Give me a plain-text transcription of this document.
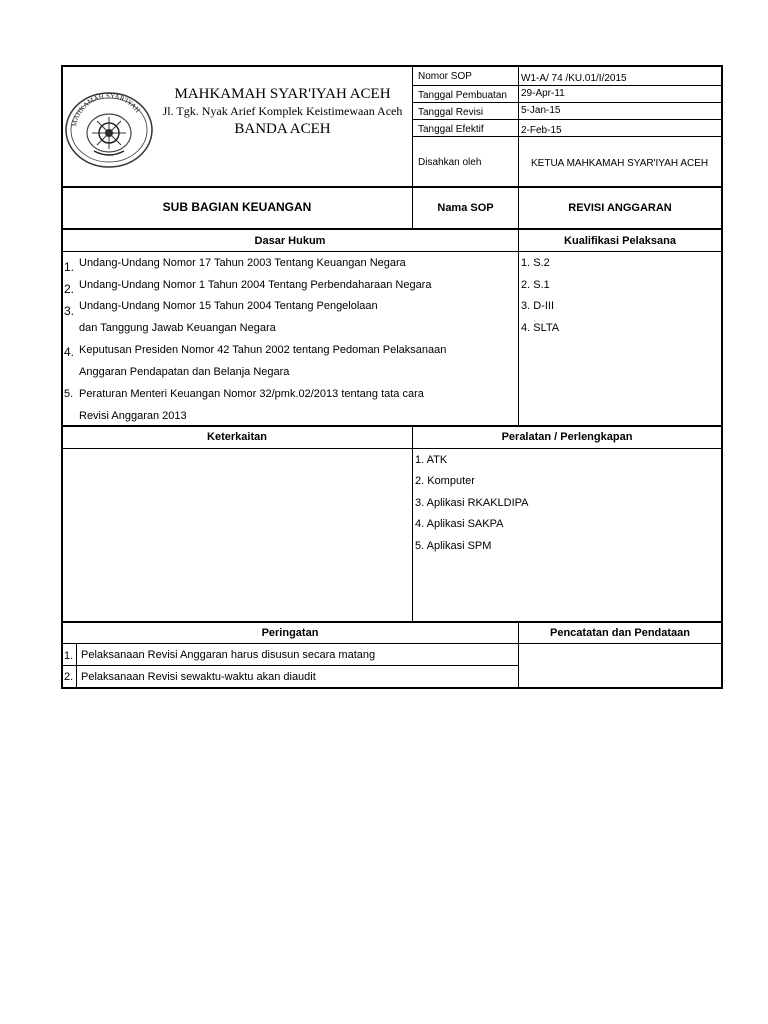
MAHKAMAH SYAR'IYAH
MAHKAMAH SYAR'IYAH ACEH
Jl. Tgk. Nyak Arief Komplek Keistimewaan Aceh
BANDA ACEH
Nomor SOP	W1-A/ 74 /KU.01/I/2015
Tanggal Pembuatan 29-Apr-11
Tanggal Revisi	5-Jan-15
Tanggal Efektif	2-Feb-15
Disahkan oleh	KETUA MAHKAMAH SYAR'IYAH ACEH
SUB BAGIAN KEUANGAN	Nama SOP	REVISI ANGGARAN
Dasar Hukum
1. Undang-Undang Nomor 17 Tahun 2003 Tentang Keuangan Negara
2. Undang-Undang Nomor 1 Tahun 2004 Tentang Perbendaharaan Negara
3. Undang-Undang Nomor 15 Tahun 2004 Tentang Pengelolaan
dan Tanggung Jawab Keuangan Negara
4. Keputusan Presiden Nomor 42 Tahun 2002 tentang Pedoman Pelaksanaan
Anggaran Pendapatan dan Belanja Negara
5. Peraturan Menteri Keuangan Nomor 32/pmk.02/2013 tentang tata cara
Revisi Anggaran 2013
Kualifikasi Pelaksana
1. S.2
2. S.1
3. D-III
4. SLTA
Keterkaitan	Peralatan / Perlengkapan
1. ATK
2. Komputer
3. Aplikasi RKAKLDIPA
4. Aplikasi SAKPA
5. Aplikasi SPM
Peringatan	Pencatatan dan Pendataan
1. Pelaksanaan Revisi Anggaran harus disusun secara matang
2. Pelaksanaan Revisi sewaktu-waktu akan diaudit
